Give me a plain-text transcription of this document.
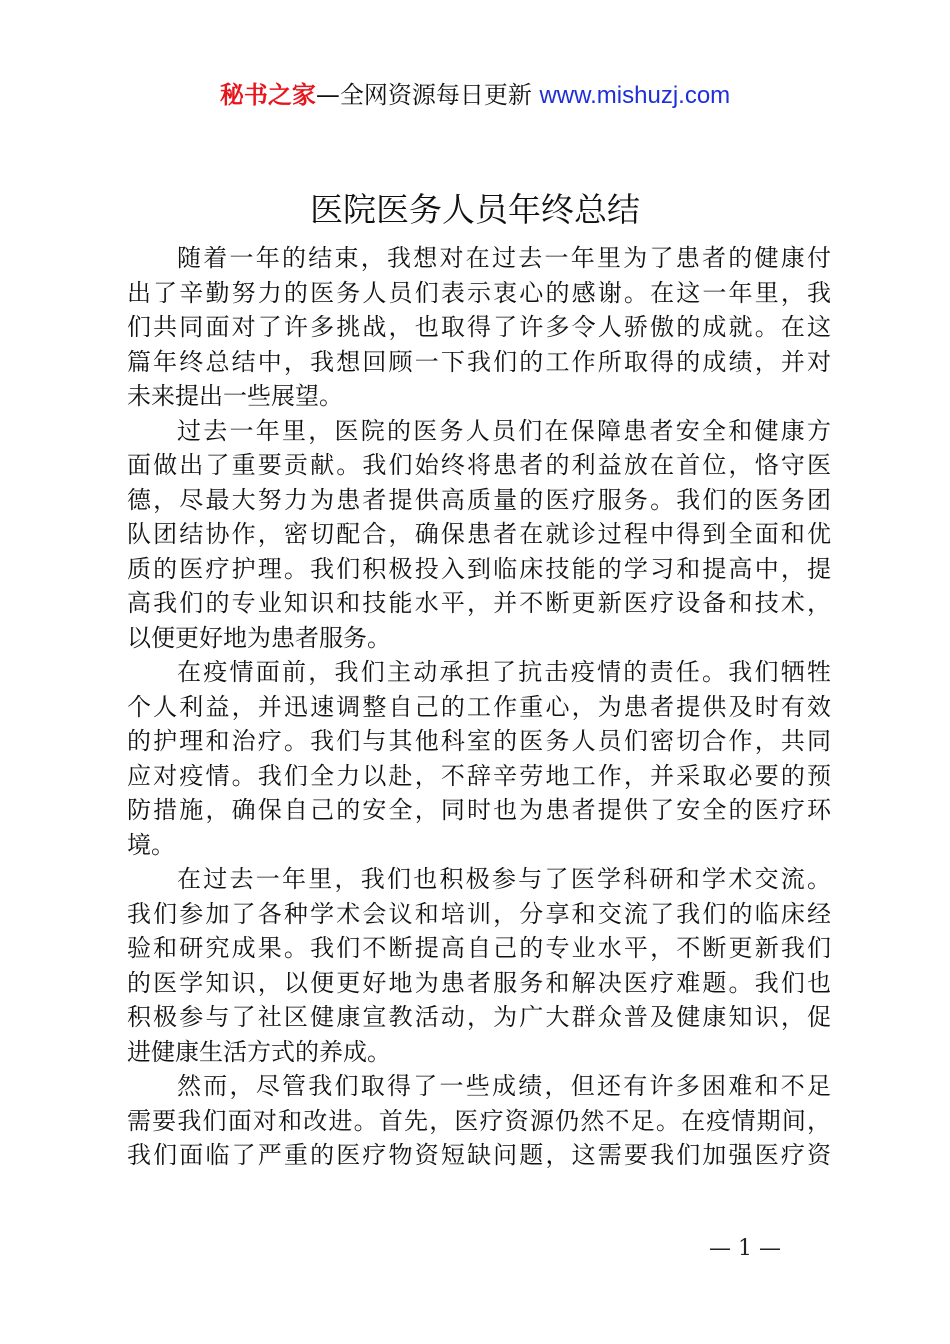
秘书之家—全网资源每日更新 www.mishuzj.com
医院医务人员年终总结
随着一年的结束，我想对在过去一年里为了患者的健康付
出了辛勤努力的医务人员们表示衷心的感谢。在这一年里，我
们共同面对了许多挑战，也取得了许多令人骄傲的成就。在这
篇年终总结中，我想回顾一下我们的工作所取得的成绩，并对
未来提出一些展望。
过去一年里，医院的医务人员们在保障患者安全和健康方
面做出了重要贡献。我们始终将患者的利益放在首位，恪守医
德，尽最大努力为患者提供高质量的医疗服务。我们的医务团
队团结协作，密切配合，确保患者在就诊过程中得到全面和优
质的医疗护理。我们积极投入到临床技能的学习和提高中，提
高我们的专业知识和技能水平，并不断更新医疗设备和技术，
以便更好地为患者服务。
在疫情面前，我们主动承担了抗击疫情的责任。我们牺牲
个人利益，并迅速调整自己的工作重心，为患者提供及时有效
的护理和治疗。我们与其他科室的医务人员们密切合作，共同
应对疫情。我们全力以赴，不辞辛劳地工作，并采取必要的预
防措施，确保自己的安全，同时也为患者提供了安全的医疗环
境。
在过去一年里，我们也积极参与了医学科研和学术交流。
我们参加了各种学术会议和培训，分享和交流了我们的临床经
验和研究成果。我们不断提高自己的专业水平，不断更新我们
的医学知识，以便更好地为患者服务和解决医疗难题。我们也
积极参与了社区健康宣教活动，为广大群众普及健康知识，促
进健康生活方式的养成。
然而，尽管我们取得了一些成绩，但还有许多困难和不足
需要我们面对和改进。首先，医疗资源仍然不足。在疫情期间，
我们面临了严重的医疗物资短缺问题，这需要我们加强医疗资
— 1 —
